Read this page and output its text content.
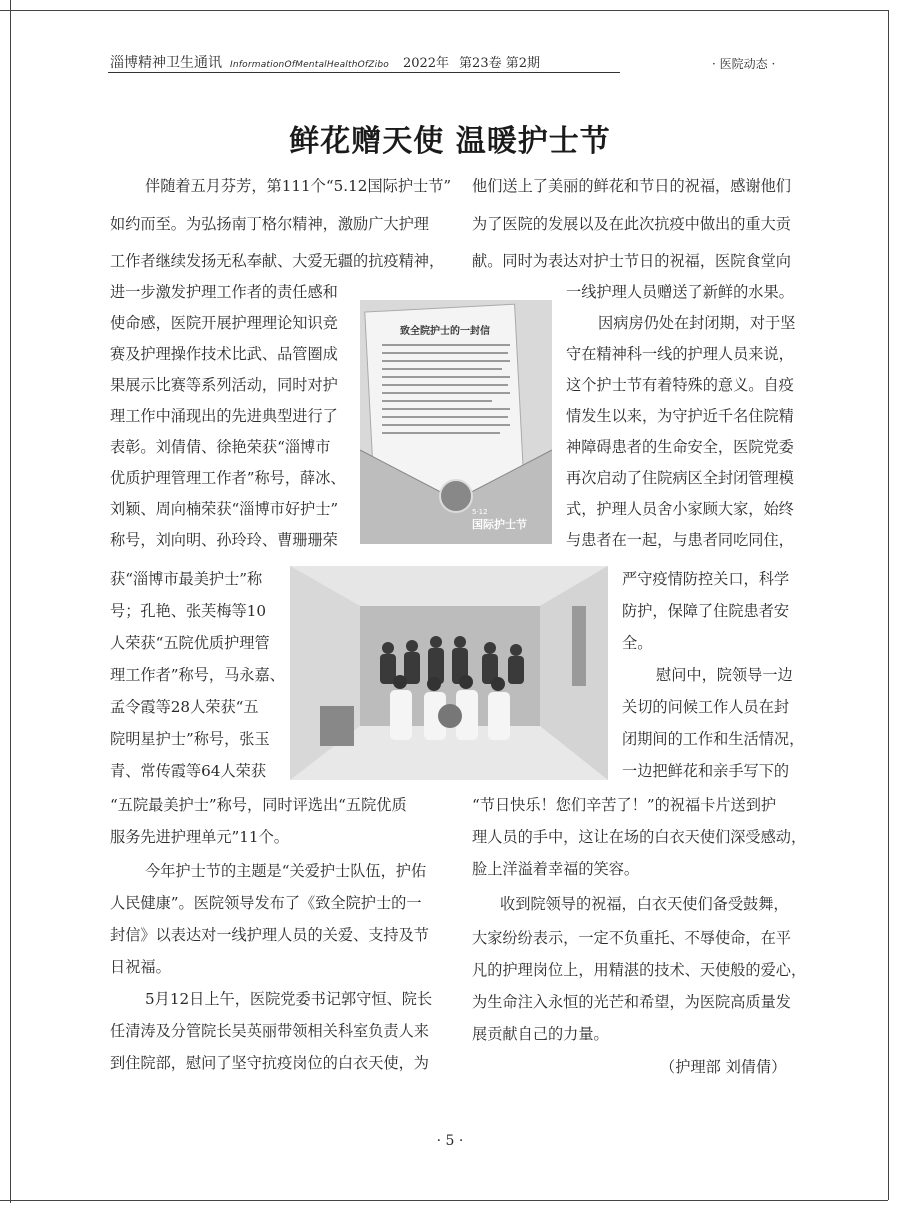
淄博精神卫生通讯 InformationOfMentalHealthOfZibo 2022年 第23卷 第2期	· 医院动态 ·
鲜花赠天使 温暖护士节
伴随着五月芬芳，第111个“5.12国际护士节”
如约而至。为弘扬南丁格尔精神，激励广大护理
工作者继续发扬无私奉献、大爱无疆的抗疫精神，
进一步激发护理工作者的责任感和
使命感，医院开展护理理论知识竞
赛及护理操作技术比武、品管圈成
果展示比赛等系列活动，同时对护
理工作中涌现出的先进典型进行了
表彰。刘倩倩、徐艳荣获“淄博市
优质护理管理工作者”称号，薛冰、
刘颖、周向楠荣获“淄博市好护士”
称号，刘向明、孙玲玲、曹珊珊荣
获“淄博市最美护士”称
号；孔艳、张芙梅等10
人荣获“五院优质护理管
理工作者”称号，马永嘉、
孟令霞等28人荣获“五
院明星护士”称号，张玉
青、常传霞等64人荣获
“五院最美护士”称号，同时评选出“五院优质
服务先进护理单元”11个。
今年护士节的主题是“关爱护士队伍，护佑
人民健康”。医院领导发布了《致全院护士的一
封信》以表达对一线护理人员的关爱、支持及节
日祝福。
5月12日上午，医院党委书记郭守恒、院长
任清涛及分管院长吴英丽带领相关科室负责人来
到住院部，慰问了坚守抗疫岗位的白衣天使，为
他们送上了美丽的鲜花和节日的祝福，感谢他们
为了医院的发展以及在此次抗疫中做出的重大贡
献。同时为表达对护士节日的祝福，医院食堂向
一线护理人员赠送了新鲜的水果。
因病房仍处在封闭期，对于坚
守在精神科一线的护理人员来说，
这个护士节有着特殊的意义。自疫
情发生以来，为守护近千名住院精
神障碍患者的生命安全，医院党委
再次启动了住院病区全封闭管理模
式，护理人员舍小家顾大家，始终
与患者在一起，与患者同吃同住，
严守疫情防控关口，科学
防护，保障了住院患者安
全。
慰问中，院领导一边
关切的问候工作人员在封
闭期间的工作和生活情况，
一边把鲜花和亲手写下的
“节日快乐！您们辛苦了！”的祝福卡片送到护
理人员的手中，这让在场的白衣天使们深受感动，
脸上洋溢着幸福的笑容。
收到院领导的祝福，白衣天使们备受鼓舞，
大家纷纷表示，一定不负重托、不辱使命，在平
凡的护理岗位上，用精湛的技术、天使般的爱心，
为生命注入永恒的光芒和希望，为医院高质量发
展贡献自己的力量。
致全院护士的一封信
5·12
国际护士节
（护理部 刘倩倩）
· 5 ·
